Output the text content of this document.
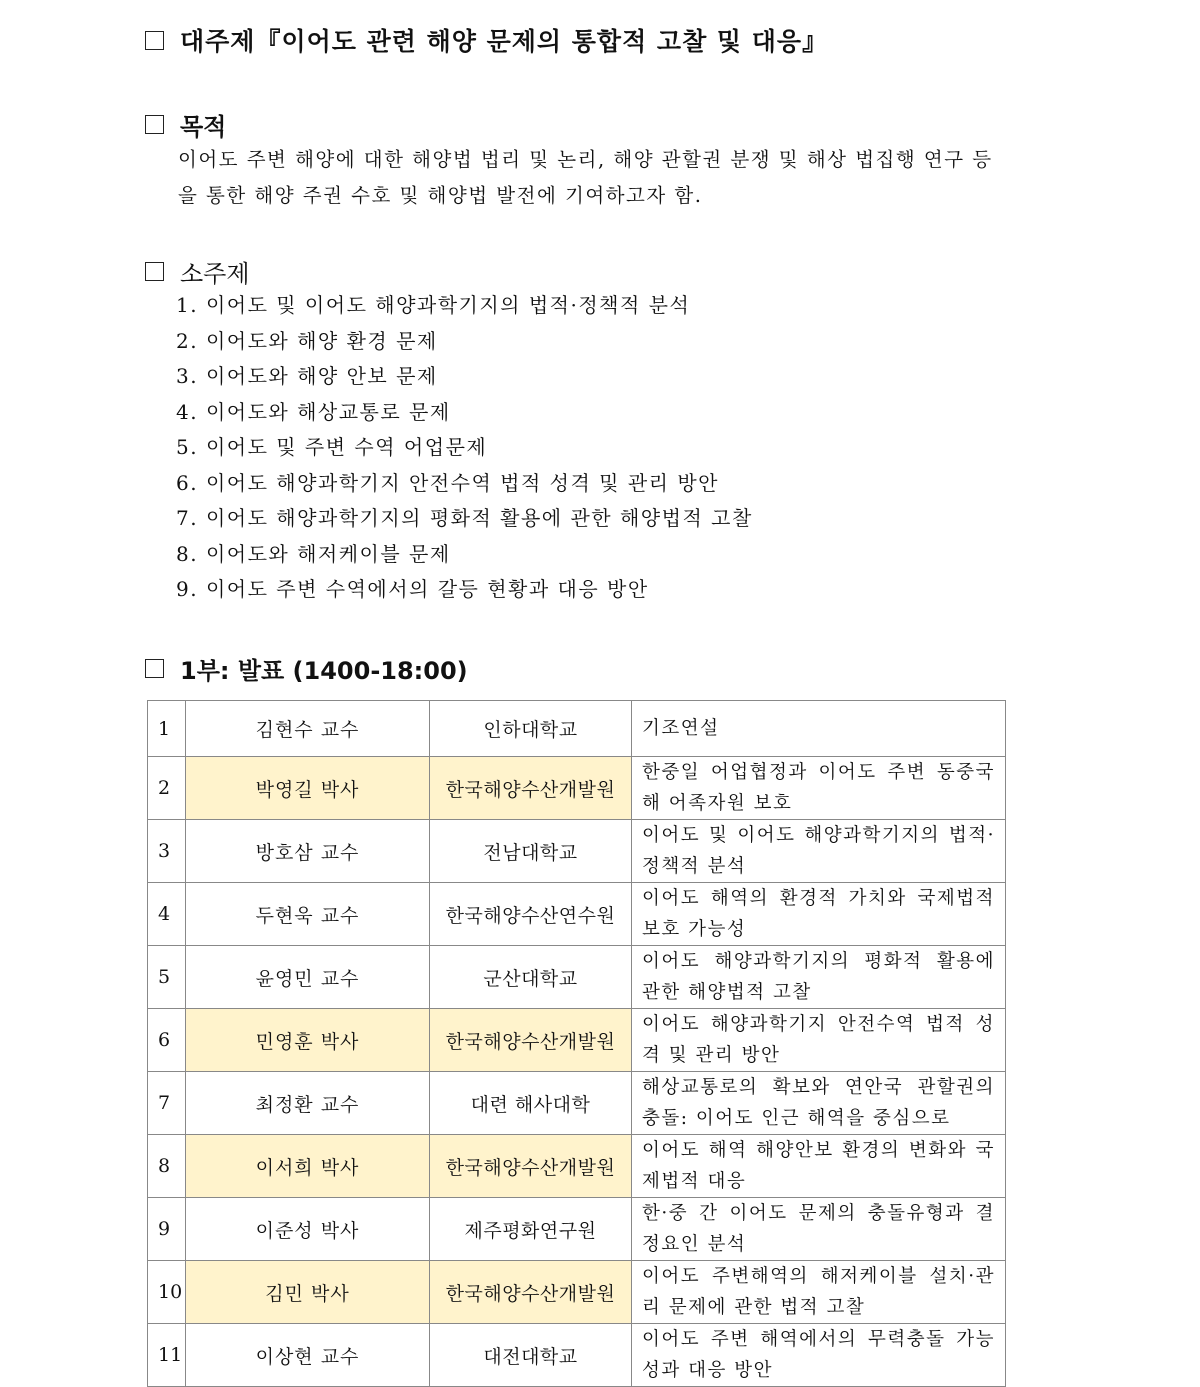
대주제『이어도 관련 해양 문제의 통합적 고찰 및 대응』
목적
이어도 주변 해양에 대한 해양법 법리 및 논리, 해양 관할권 분쟁 및 해상 법집행 연구 등을 통한 해양 주권 수호 및 해양법 발전에 기여하고자 함.
소주제
1. 이어도 및 이어도 해양과학기지의 법적·정책적 분석
2. 이어도와 해양 환경 문제
3. 이어도와 해양 안보 문제
4. 이어도와 해상교통로 문제
5. 이어도 및 주변 수역 어업문제
6. 이어도 해양과학기지 안전수역 법적 성격 및 관리 방안
7. 이어도 해양과학기지의 평화적 활용에 관한 해양법적 고찰
8. 이어도와 해저케이블 문제
9. 이어도 주변 수역에서의 갈등 현황과 대응 방안
1부: 발표 (1400-18:00)
1	김현수 교수	인하대학교	기조연설
2	박영길 박사	한국해양수산개발원	한중일 어업협정과 이어도 주변 동중국해 어족자원 보호
3	방호삼 교수	전남대학교	이어도 및 이어도 해양과학기지의 법적·정책적 분석
4	두현욱 교수	한국해양수산연수원	이어도 해역의 환경적 가치와 국제법적 보호 가능성
5	윤영민 교수	군산대학교	이어도 해양과학기지의 평화적 활용에 관한 해양법적 고찰
6	민영훈 박사	한국해양수산개발원	이어도 해양과학기지 안전수역 법적 성격 및 관리 방안
7	최정환 교수	대련 해사대학	해상교통로의 확보와 연안국 관할권의 충돌: 이어도 인근 해역을 중심으로
8	이서희 박사	한국해양수산개발원	이어도 해역 해양안보 환경의 변화와 국제법적 대응
9	이준성 박사	제주평화연구원	한·중 간 이어도 문제의 충돌유형과 결정요인 분석
10	김민 박사	한국해양수산개발원	이어도 주변해역의 해저케이블 설치·관리 문제에 관한 법적 고찰
11	이상현 교수	대전대학교	이어도 주변 해역에서의 무력충돌 가능성과 대응 방안
